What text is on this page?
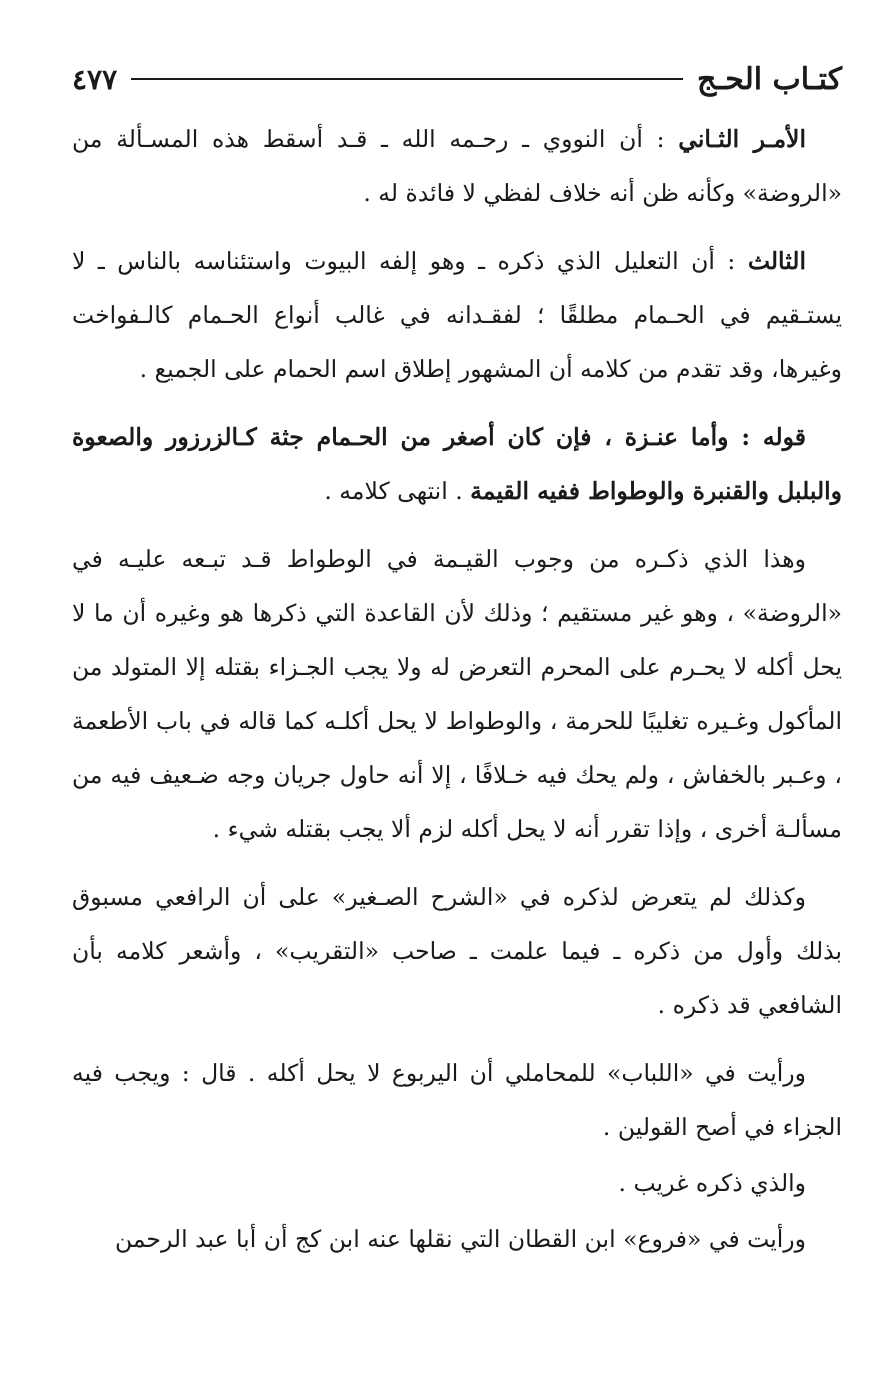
كتـاب الحـج
٤٧٧

الأمـر الثـاني : أن النووي ـ رحـمه الله ـ قـد أسقط هذه المسـألة من «الروضة» وكأنه ظن أنه خلاف لفظي لا فائدة له .

الثالث : أن التعليل الذي ذكره ـ وهو إلفه البيوت واستئناسه بالناس ـ لا يستـقيم في الحـمام مطلقًا ؛ لفقـدانه في غالب أنواع الحـمام كالـفواخت وغيرها، وقد تقدم من كلامه أن المشهور إطلاق اسم الحمام على الجميع .

قوله : وأما عنـزة ، فإن كان أصغر من الحـمام جثة كـالزرزور والصعوة والبلبل والقنبرة والوطواط ففيه القيمة . انتهى كلامه .

وهذا الذي ذكـره من وجوب القيـمة في الوطواط قـد تبـعه عليـه في «الروضة» ، وهو غير مستقيم ؛ وذلك لأن القاعدة التي ذكرها هو وغيره أن ما لا يحل أكله لا يحـرم على المحرم التعرض له ولا يجب الجـزاء بقتله إلا المتولد من المأكول وغـيره تغليبًا للحرمة ، والوطواط لا يحل أكلـه كما قاله في باب الأطعمة ، وعـبر بالخفاش ، ولم يحك فيه خـلافًا ، إلا أنه حاول جريان وجه ضـعيف فيه من مسألـة أخرى ، وإذا تقرر أنه لا يحل أكله لزم ألا يجب بقتله شيء .

وكذلك لم يتعرض لذكره في «الشرح الصـغير» على أن الرافعي مسبوق بذلك وأول من ذكره ـ فيما علمت ـ صاحب «التقريب» ، وأشعر كلامه بأن الشافعي قد ذكره .

ورأيت في «اللباب» للمحاملي أن اليربوع لا يحل أكله . قال : ويجب فيه الجزاء في أصح القولين .

والذي ذكره غريب .

ورأيت في «فروع» ابن القطان التي نقلها عنه ابن كج أن أبا عبد الرحمن
